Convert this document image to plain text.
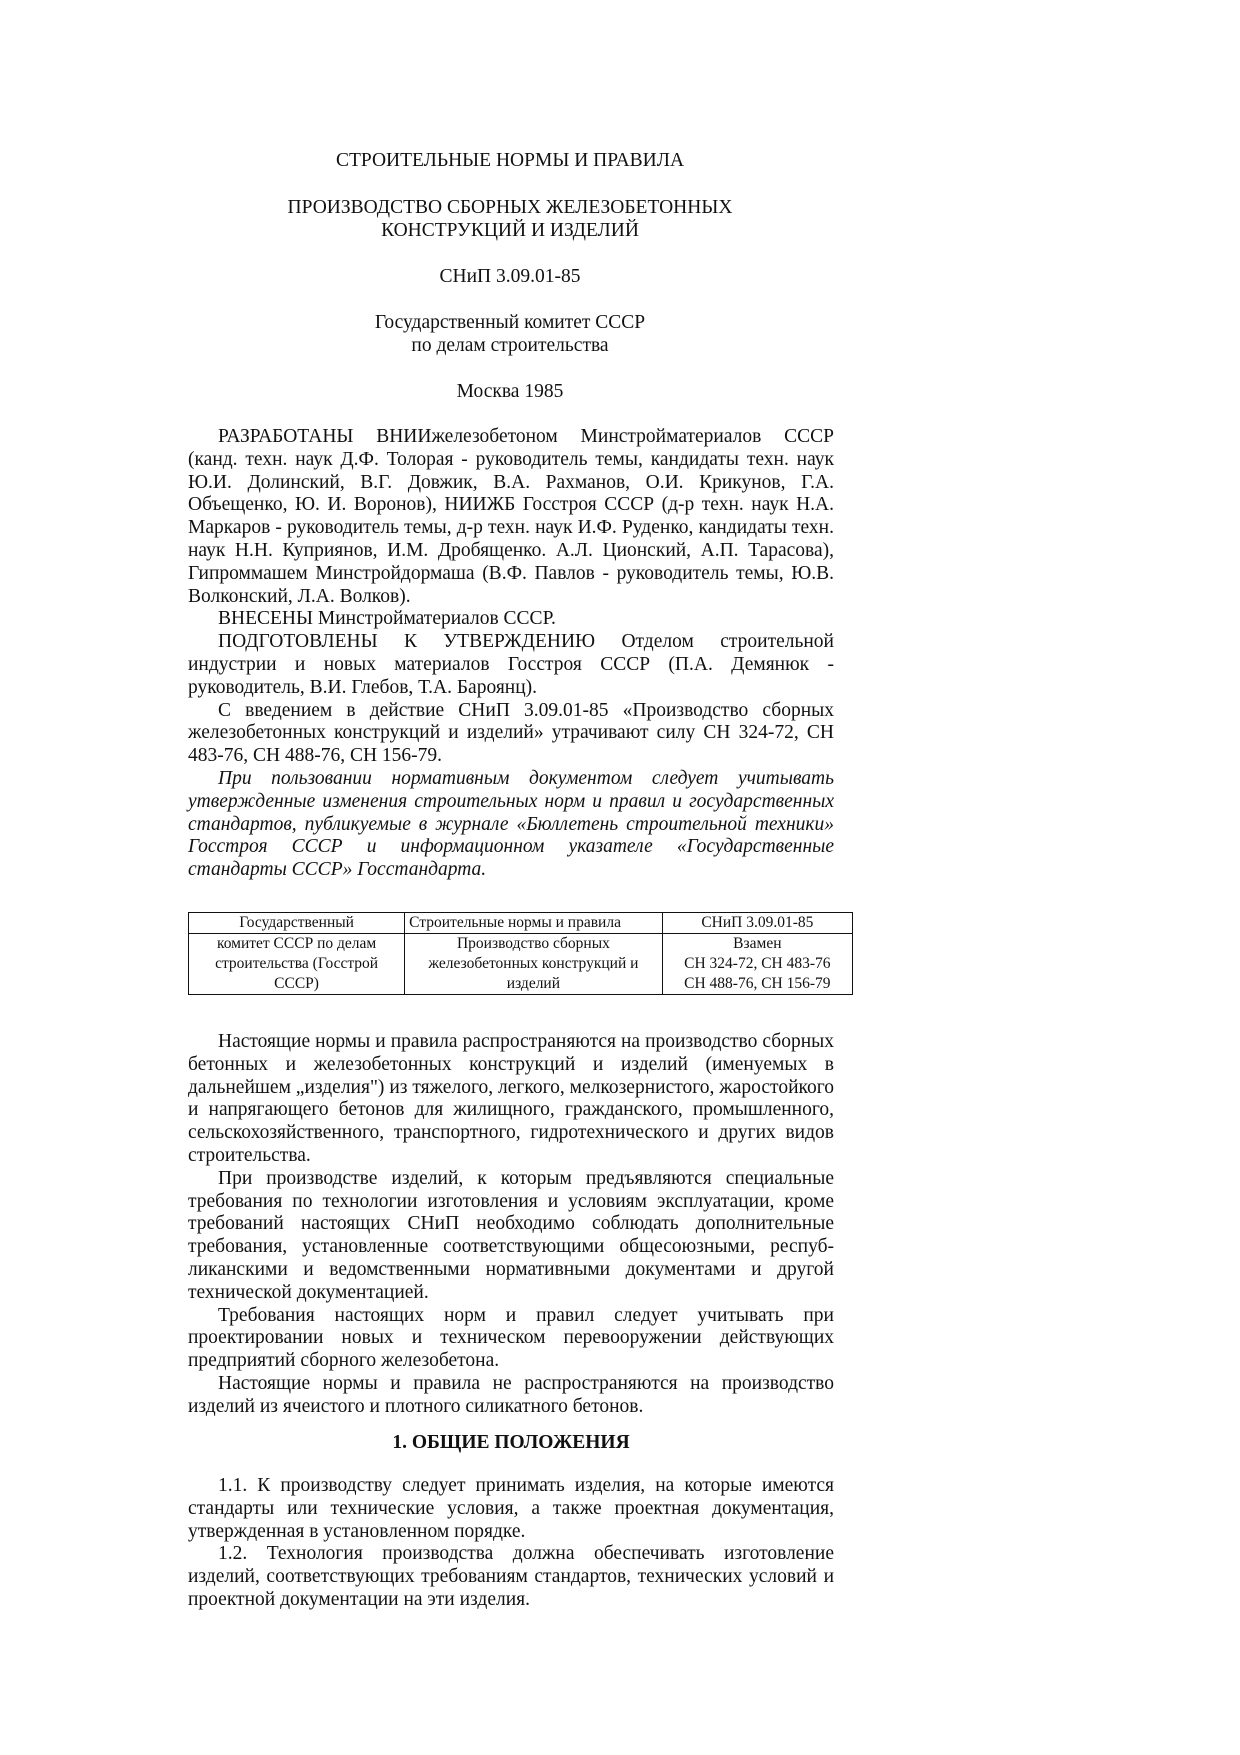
СТРОИТЕЛЬНЫЕ НОРМЫ И ПРАВИЛА
ПРОИЗВОДСТВО СБОРНЫХ ЖЕЛЕЗОБЕТОННЫХ
КОНСТРУКЦИЙ И ИЗДЕЛИЙ
СНиП 3.09.01-85
Государственный комитет СССР
по делам строительства
Москва 1985

РАЗРАБОТАНЫ ВНИИжелезобетоном Минстройматериалов СССР (канд. техн. наук Д.Ф. Толорая - руководитель темы, кандидаты техн. наук Ю.И. Долинский, В.Г. Довжик, В.А. Рахманов, О.И. Крикунов, Г.А. Объещенко, Ю. И. Воронов), НИИЖБ Госстроя СССР (д-р техн. наук Н.А. Маркаров - руководитель темы, д-р техн. наук И.Ф. Руденко, кандидаты техн. наук Н.Н. Куприянов, И.М. Дробященко. А.Л. Ционский, А.П. Тарасова), Гипроммашем Минстройдормаша (В.Ф. Павлов - руководитель темы, Ю.В. Волконский, Л.А. Волков).

ВНЕСЕНЫ Минстройматериалов СССР.

ПОДГОТОВЛЕНЫ К УТВЕРЖДЕНИЮ Отделом строительной индустрии и новых материалов Госстроя СССР (П.А. Демянюк - руководитель, В.И. Глебов, Т.А. Бароянц).

С введением в действие СНиП 3.09.01-85 «Производство сборных железобетонных конструкций и изделий» утрачивают силу СН 324-72, СН 483-76, СН 488-76, СН 156-79.

При пользовании нормативным документом следует учитывать утвержденные изменения строительных норм и правил и государственных стандартов, публикуемые в журнале «Бюллетень строительной техники» Госстроя СССР и информационном указателе «Государственные стандарты СССР» Госстандарта.

Государственный	Строительные нормы и правила	СНиП 3.09.01-85
комитет СССР по делам строительства (Госстрой СССР)	Производство сборных железобетонных конструкций и изделий	Взамен
СН 324-72, СН 483-76
СН 488-76, СН 156-79

Настоящие нормы и правила распространяются на производство сборных бетонных и железобетонных конструкций и изделий (именуемых в дальнейшем „изделия") из тяжелого, легкого, мелкозернистого, жаростойкого и напрягающего бетонов для жилищного, гражданского, промышленного, сельскохозяйственного, транспортного, гидротехнического и других видов строительства.

При производстве изделий, к которым предъявляются специальные требования по технологии изготовления и условиям эксплуатации, кроме требований настоящих СНиП необходимо соблюдать дополнительные требования, установленные соответствующими общесоюзными, респуб-ликанскими и ведомственными нормативными документами и другой технической документацией.

Требования настоящих норм и правил следует учитывать при проектировании новых и техническом перевооружении действующих предприятий сборного железобетона.

Настоящие нормы и правила не распространяются на производство изделий из ячеистого и плотного силикатного бетонов.

1. ОБЩИЕ ПОЛОЖЕНИЯ

1.1. К производству следует принимать изделия, на которые имеются стандарты или технические условия, а также проектная документация, утвержденная в установленном порядке.

1.2. Технология производства должна обеспечивать изготовление изделий, соответствующих требованиям стандартов, технических условий и проектной документации на эти изделия.
